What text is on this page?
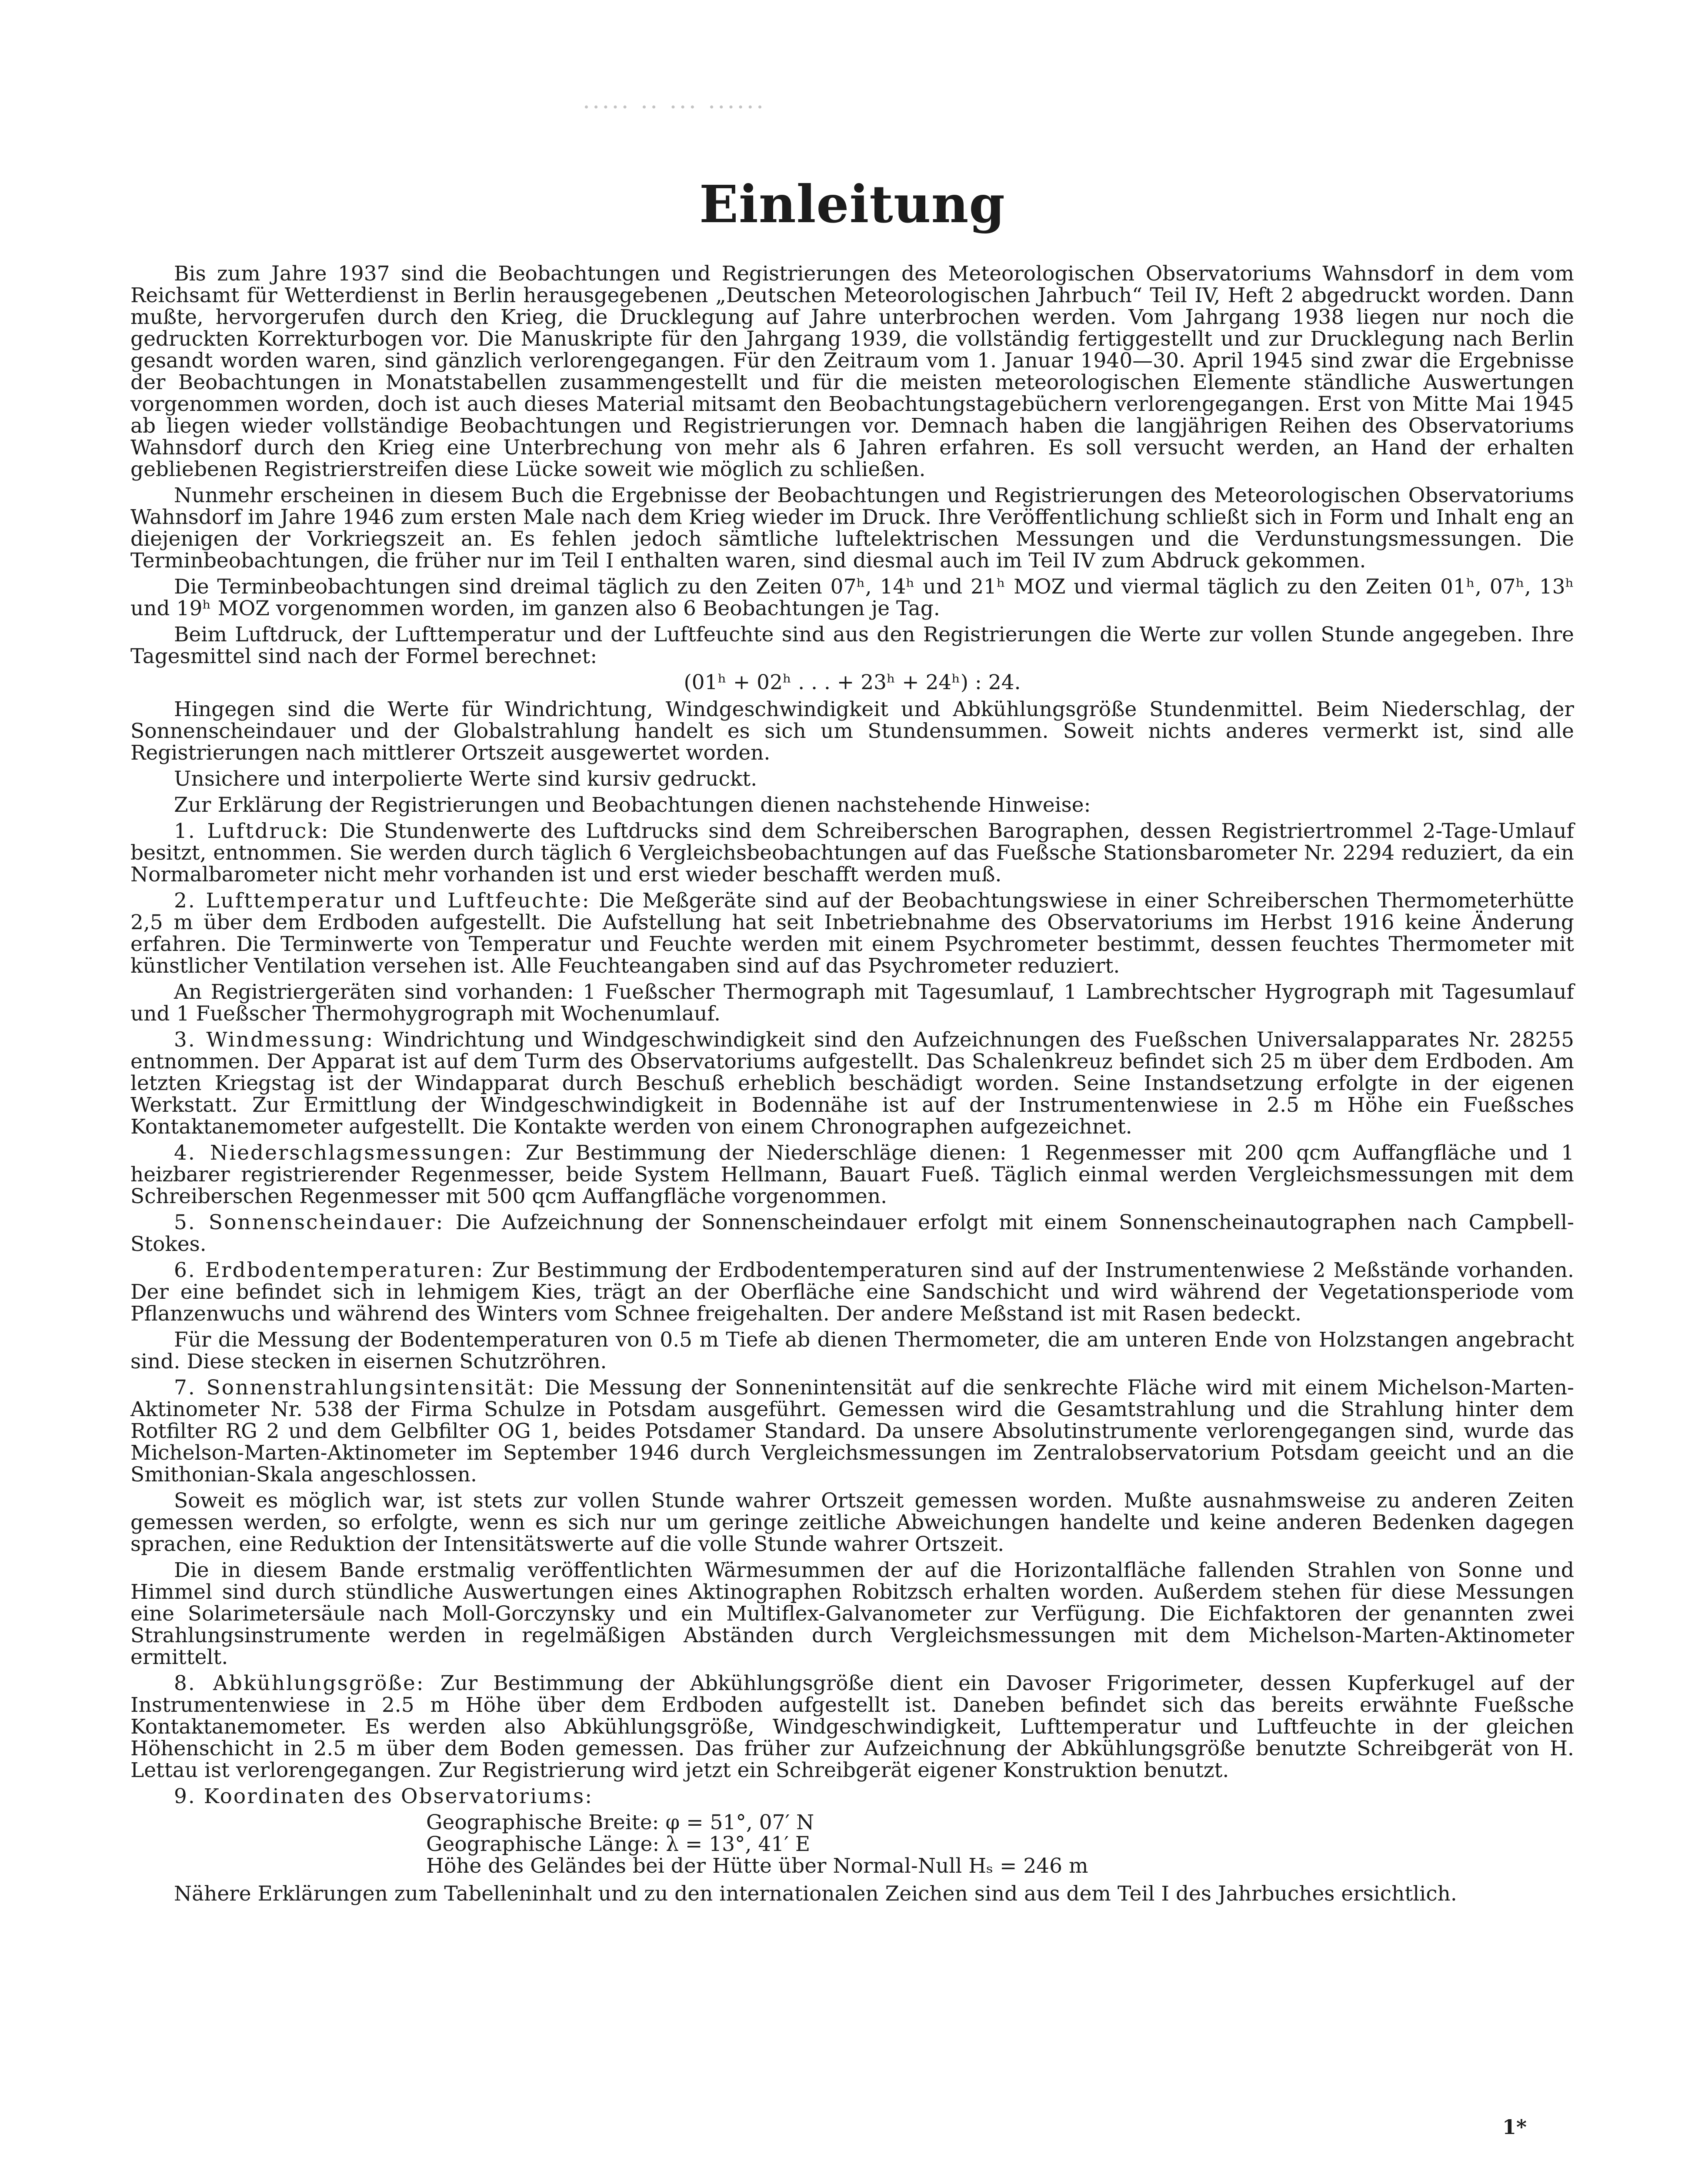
····· ·· ··· ······
Einleitung

Bis zum Jahre 1937 sind die Beobachtungen und Registrierungen des Meteorologischen Observatoriums Wahnsdorf in dem vom Reichsamt für Wetterdienst in Berlin herausgegebenen „Deutschen Meteorologischen Jahrbuch“ Teil IV, Heft 2 abgedruckt worden. Dann mußte, hervorgerufen durch den Krieg, die Drucklegung auf Jahre unterbrochen werden. Vom Jahrgang 1938 liegen nur noch die gedruckten Korrekturbogen vor. Die Manuskripte für den Jahrgang 1939, die vollständig fertiggestellt und zur Drucklegung nach Berlin gesandt worden waren, sind gänzlich verlorengegangen. Für den Zeitraum vom 1. Januar 1940—30. April 1945 sind zwar die Ergebnisse der Beobachtungen in Monatstabellen zusammengestellt und für die meisten meteorologischen Elemente ständliche Auswertungen vorgenommen worden, doch ist auch dieses Material mitsamt den Beobachtungstagebüchern verlorengegangen. Erst von Mitte Mai 1945 ab liegen wieder vollständige Beobachtungen und Registrierungen vor. Demnach haben die langjährigen Reihen des Observatoriums Wahnsdorf durch den Krieg eine Unterbrechung von mehr als 6 Jahren erfahren. Es soll versucht werden, an Hand der erhalten gebliebenen Registrierstreifen diese Lücke soweit wie möglich zu schließen.

Nunmehr erscheinen in diesem Buch die Ergebnisse der Beobachtungen und Registrierungen des Meteorologischen Observatoriums Wahnsdorf im Jahre 1946 zum ersten Male nach dem Krieg wieder im Druck. Ihre Veröffentlichung schließt sich in Form und Inhalt eng an diejenigen der Vorkriegszeit an. Es fehlen jedoch sämtliche luftelektrischen Messungen und die Verdunstungsmessungen. Die Terminbeobachtungen, die früher nur im Teil I enthalten waren, sind diesmal auch im Teil IV zum Abdruck gekommen.

Die Terminbeobachtungen sind dreimal täglich zu den Zeiten 07ʰ, 14ʰ und 21ʰ MOZ und viermal täglich zu den Zeiten 01ʰ, 07ʰ, 13ʰ und 19ʰ MOZ vorgenommen worden, im ganzen also 6 Beobachtungen je Tag.

Beim Luftdruck, der Lufttemperatur und der Luftfeuchte sind aus den Registrierungen die Werte zur vollen Stunde angegeben. Ihre Tagesmittel sind nach der Formel berechnet:

(01ʰ + 02ʰ . . . + 23ʰ + 24ʰ) : 24.

Hingegen sind die Werte für Windrichtung, Windgeschwindigkeit und Abkühlungsgröße Stundenmittel. Beim Niederschlag, der Sonnenscheindauer und der Globalstrahlung handelt es sich um Stundensummen. Soweit nichts anderes vermerkt ist, sind alle Registrierungen nach mittlerer Ortszeit ausgewertet worden.

Unsichere und interpolierte Werte sind kursiv gedruckt.

Zur Erklärung der Registrierungen und Beobachtungen dienen nachstehende Hinweise:

1. Luftdruck: Die Stundenwerte des Luftdrucks sind dem Schreiberschen Barographen, dessen Registriertrommel 2-Tage-Umlauf besitzt, entnommen. Sie werden durch täglich 6 Vergleichsbeobachtungen auf das Fueßsche Stationsbarometer Nr. 2294 reduziert, da ein Normalbarometer nicht mehr vorhanden ist und erst wieder beschafft werden muß.

2. Lufttemperatur und Luftfeuchte: Die Meßgeräte sind auf der Beobachtungswiese in einer Schreiberschen Thermometerhütte 2,5 m über dem Erdboden aufgestellt. Die Aufstellung hat seit Inbetriebnahme des Observatoriums im Herbst 1916 keine Änderung erfahren. Die Terminwerte von Temperatur und Feuchte werden mit einem Psychrometer bestimmt, dessen feuchtes Thermometer mit künstlicher Ventilation versehen ist. Alle Feuchteangaben sind auf das Psychrometer reduziert.

An Registriergeräten sind vorhanden: 1 Fueßscher Thermograph mit Tagesumlauf, 1 Lambrechtscher Hygrograph mit Tagesumlauf und 1 Fueßscher Thermohygrograph mit Wochenumlauf.

3. Windmessung: Windrichtung und Windgeschwindigkeit sind den Aufzeichnungen des Fueßschen Universalapparates Nr. 28255 entnommen. Der Apparat ist auf dem Turm des Observatoriums aufgestellt. Das Schalenkreuz befindet sich 25 m über dem Erdboden. Am letzten Kriegstag ist der Windapparat durch Beschuß erheblich beschädigt worden. Seine Instandsetzung erfolgte in der eigenen Werkstatt. Zur Ermittlung der Windgeschwindigkeit in Bodennähe ist auf der Instrumentenwiese in 2.5 m Höhe ein Fueßsches Kontaktanemometer aufgestellt. Die Kontakte werden von einem Chronographen aufgezeichnet.

4. Niederschlagsmessungen: Zur Bestimmung der Niederschläge dienen: 1 Regenmesser mit 200 qcm Auffangfläche und 1 heizbarer registrierender Regenmesser, beide System Hellmann, Bauart Fueß. Täglich einmal werden Vergleichsmessungen mit dem Schreiberschen Regenmesser mit 500 qcm Auffangfläche vorgenommen.

5. Sonnenscheindauer: Die Aufzeichnung der Sonnenscheindauer erfolgt mit einem Sonnenscheinautographen nach Campbell-Stokes.

6. Erdbodentemperaturen: Zur Bestimmung der Erdbodentemperaturen sind auf der Instrumentenwiese 2 Meßstände vorhanden. Der eine befindet sich in lehmigem Kies, trägt an der Oberfläche eine Sandschicht und wird während der Vegetationsperiode vom Pflanzenwuchs und während des Winters vom Schnee freigehalten. Der andere Meßstand ist mit Rasen bedeckt.

Für die Messung der Bodentemperaturen von 0.5 m Tiefe ab dienen Thermometer, die am unteren Ende von Holzstangen angebracht sind. Diese stecken in eisernen Schutzröhren.

7. Sonnenstrahlungsintensität: Die Messung der Sonnenintensität auf die senkrechte Fläche wird mit einem Michelson-Marten-Aktinometer Nr. 538 der Firma Schulze in Potsdam ausgeführt. Gemessen wird die Gesamtstrahlung und die Strahlung hinter dem Rotfilter RG 2 und dem Gelbfilter OG 1, beides Potsdamer Standard. Da unsere Absolutinstrumente verlorengegangen sind, wurde das Michelson-Marten-Aktinometer im September 1946 durch Vergleichsmessungen im Zentralobservatorium Potsdam geeicht und an die Smithonian-Skala angeschlossen.

Soweit es möglich war, ist stets zur vollen Stunde wahrer Ortszeit gemessen worden. Mußte ausnahmsweise zu anderen Zeiten gemessen werden, so erfolgte, wenn es sich nur um geringe zeitliche Abweichungen handelte und keine anderen Bedenken dagegen sprachen, eine Reduktion der Intensitätswerte auf die volle Stunde wahrer Ortszeit.

Die in diesem Bande erstmalig veröffentlichten Wärmesummen der auf die Horizontalfläche fallenden Strahlen von Sonne und Himmel sind durch stündliche Auswertungen eines Aktinographen Robitzsch erhalten worden. Außerdem stehen für diese Messungen eine Solarimetersäule nach Moll-Gorczynsky und ein Multiflex-Galvanometer zur Verfügung. Die Eichfaktoren der genannten zwei Strahlungsinstrumente werden in regelmäßigen Abständen durch Vergleichsmessungen mit dem Michelson-Marten-Aktinometer ermittelt.

8. Abkühlungsgröße: Zur Bestimmung der Abkühlungsgröße dient ein Davoser Frigorimeter, dessen Kupferkugel auf der Instrumentenwiese in 2.5 m Höhe über dem Erdboden aufgestellt ist. Daneben befindet sich das bereits erwähnte Fueßsche Kontaktanemometer. Es werden also Abkühlungsgröße, Windgeschwindigkeit, Lufttemperatur und Luftfeuchte in der gleichen Höhenschicht in 2.5 m über dem Boden gemessen. Das früher zur Aufzeichnung der Abkühlungsgröße benutzte Schreibgerät von H. Lettau ist verlorengegangen. Zur Registrierung wird jetzt ein Schreibgerät eigener Konstruktion benutzt.

9. Koordinaten des Observatoriums:

Geographische Breite: φ = 51°, 07′ N
Geographische Länge: λ = 13°, 41′ E
Höhe des Geländes bei der Hütte über Normal-Null Hₛ = 246 m

Nähere Erklärungen zum Tabelleninhalt und zu den internationalen Zeichen sind aus dem Teil I des Jahrbuches ersichtlich.

1*
